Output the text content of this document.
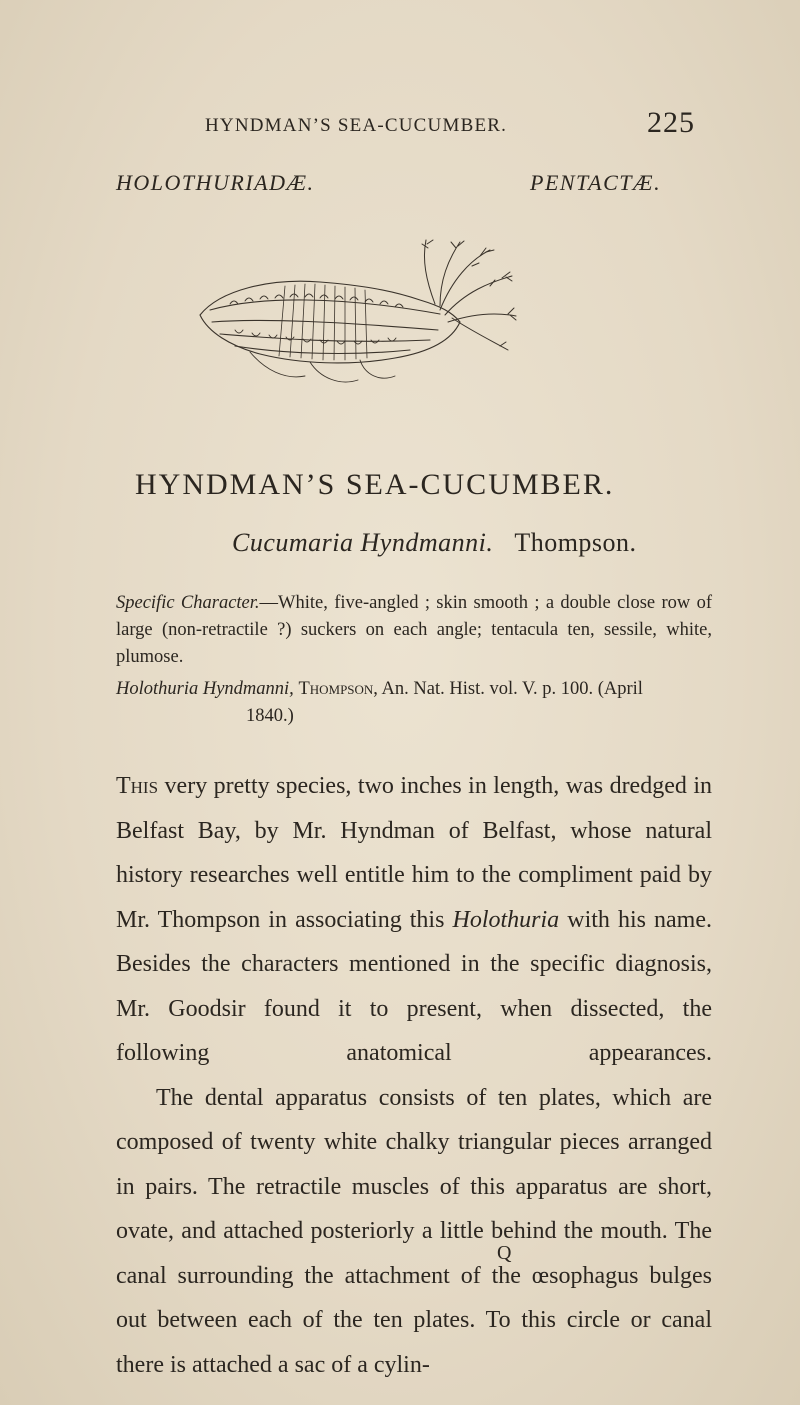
HYNDMAN’S SEA-CUCUMBER.	225
HOLOTHURIADÆ.	PENTACTÆ.
HYNDMAN’S SEA-CUCUMBER.
Cucumaria Hyndmanni. Thompson.
Specific Character.—White, five-angled ; skin smooth ; a double close row of large (non-retractile ?) suckers on each angle; tentacula ten, sessile, white, plumose.
Holothuria Hyndmanni, Thompson, An. Nat. Hist. vol. V. p. 100. (April
1840.)

This very pretty species, two inches in length, was dredged in Belfast Bay, by Mr. Hyndman of Belfast, whose natural history researches well entitle him to the compliment paid by Mr. Thompson in associating this Holothuria with his name. Besides the characters mentioned in the specific diagnosis, Mr. Goodsir found it to present, when dissected, the following anatomical appearances.

The dental apparatus consists of ten plates, which are composed of twenty white chalky triangular pieces arranged in pairs. The retractile muscles of this apparatus are short, ovate, and attached posteriorly a little behind the mouth. The canal surrounding the attachment of the œsophagus bulges out between each of the ten plates. To this circle or canal there is attached a sac of a cylin-

Q
